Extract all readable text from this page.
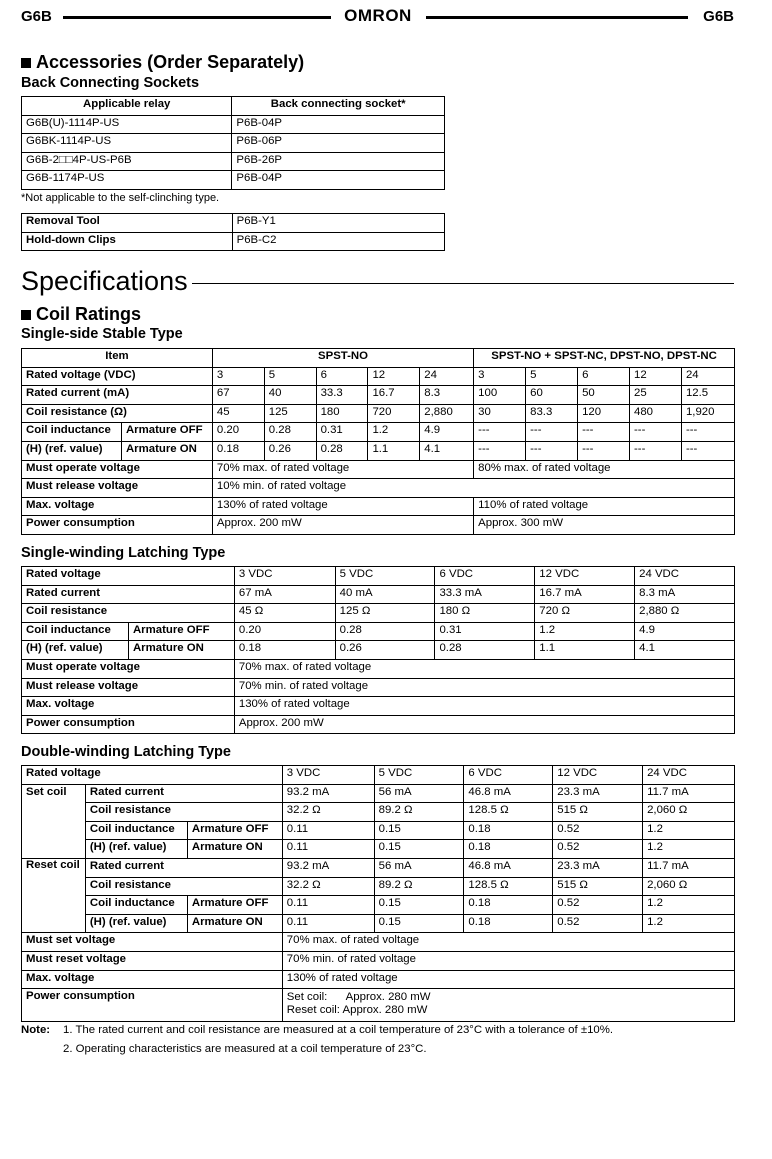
G6B	OMRON	G6B
Accessories (Order Separately)
Back Connecting Sockets
Applicable relay	Back connecting socket*
G6B(U)-1114P-US	P6B-04P
G6BK-1114P-US	P6B-06P
G6B-2□□4P-US-P6B	P6B-26P
G6B-1174P-US	P6B-04P
*Not applicable to the self-clinching type.
Removal Tool	P6B-Y1
Hold-down Clips	P6B-C2
Specifications
Coil Ratings
Single-side Stable Type
Item		SPST-NO					SPST-NO + SPST-NC, DPST-NO, DPST-NC				
Rated voltage (VDC)		3	5	6	12	24	3	5	6	12	24
Rated current (mA)		67	40	33.3	16.7	8.3	100	60	50	25	12.5
Coil resistance (Ω)		45	125	180	720	2,880	30	83.3	120	480	1,920
Coil inductance	Armature OFF	0.20	0.28	0.31	1.2	4.9	---	---	---	---	---
(H) (ref. value)	Armature ON	0.18	0.26	0.28	1.1	4.1	---	---	---	---	---
Must operate voltage		70% max. of rated voltage					80% max. of rated voltage				
Must release voltage		10% min. of rated voltage									
Max. voltage		130% of rated voltage					110% of rated voltage				
Power consumption		Approx. 200 mW					Approx. 300 mW				
Single-winding Latching Type
Rated voltage		3 VDC	5 VDC	6 VDC	12 VDC	24 VDC
Rated current		67 mA	40 mA	33.3 mA	16.7 mA	8.3 mA
Coil resistance		45 Ω	125 Ω	180 Ω	720 Ω	2,880 Ω
Coil inductance	Armature OFF	0.20	0.28	0.31	1.2	4.9
(H) (ref. value)	Armature ON	0.18	0.26	0.28	1.1	4.1
Must operate voltage		70% max. of rated voltage				
Must release voltage		70% min. of rated voltage				
Max. voltage		130% of rated voltage				
Power consumption		Approx. 200 mW				
Double-winding Latching Type
Rated voltage			3 VDC	5 VDC	6 VDC	12 VDC	24 VDC
Set coil	Rated current		93.2 mA	56 mA	46.8 mA	23.3 mA	11.7 mA
	Coil resistance		32.2 Ω	89.2 Ω	128.5 Ω	515 Ω	2,060 Ω
	Coil inductance	Armature OFF	0.11	0.15	0.18	0.52	1.2
	(H) (ref. value)	Armature ON	0.11	0.15	0.18	0.52	1.2
Reset coil	Rated current		93.2 mA	56 mA	46.8 mA	23.3 mA	11.7 mA
	Coil resistance		32.2 Ω	89.2 Ω	128.5 Ω	515 Ω	2,060 Ω
	Coil inductance	Armature OFF	0.11	0.15	0.18	0.52	1.2
	(H) (ref. value)	Armature ON	0.11	0.15	0.18	0.52	1.2
Must set voltage			70% max. of rated voltage				
Must reset voltage			70% min. of rated voltage				
Max. voltage			130% of rated voltage				
Power consumption			Set coil:      Approx. 280 mW
Reset coil: Approx. 280 mW				
Note: 1. The rated current and coil resistance are measured at a coil temperature of 23°C with a tolerance of ±10%.
2. Operating characteristics are measured at a coil temperature of 23°C.
